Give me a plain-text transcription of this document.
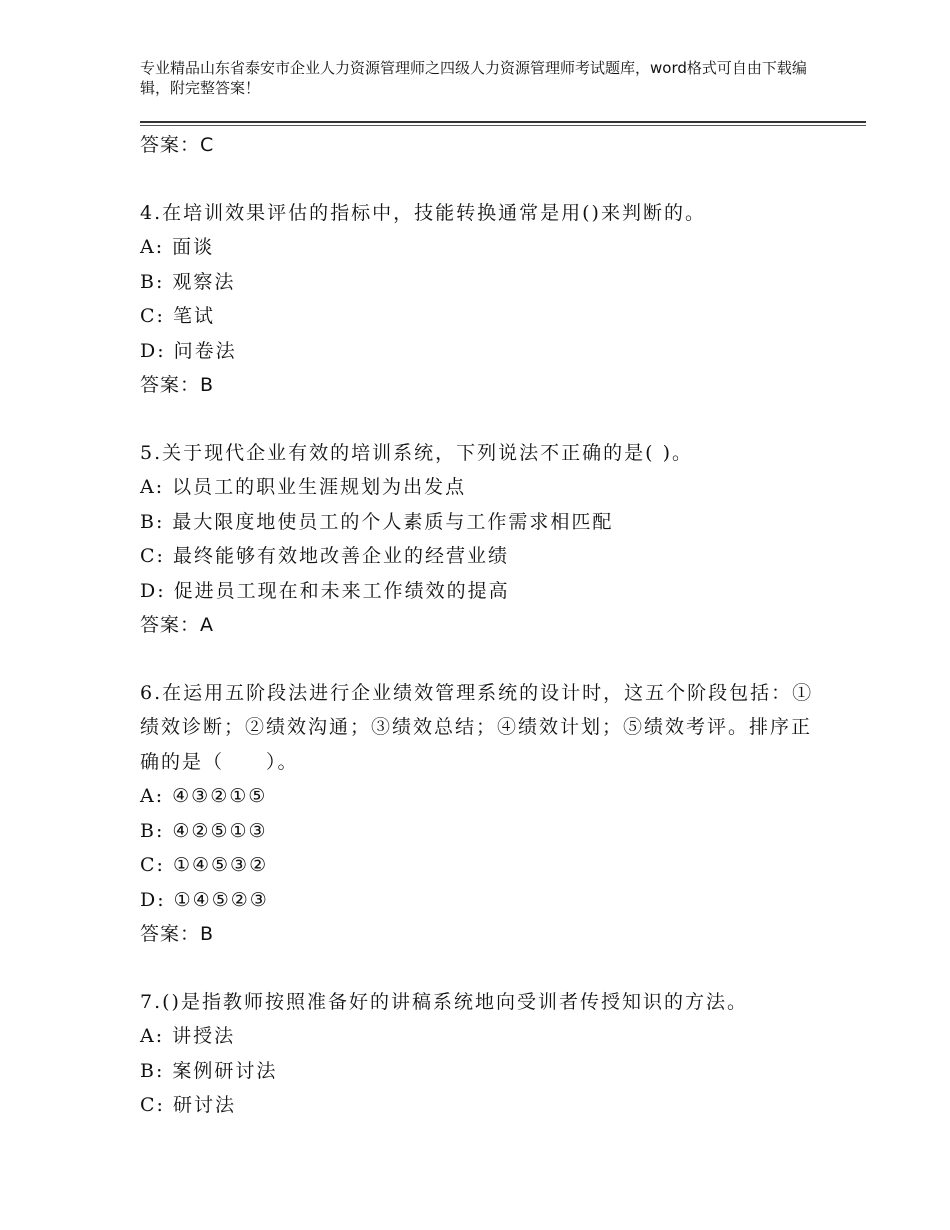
专业精品山东省泰安市企业人力资源管理师之四级人力资源管理师考试题库，word格式可自由下载编辑，附完整答案！
答案：C
4.在培训效果评估的指标中，技能转换通常是用()来判断的。
A: 面谈
B: 观察法
C: 笔试
D: 问卷法
答案：B
5.关于现代企业有效的培训系统，下列说法不正确的是( )。
A: 以员工的职业生涯规划为出发点
B: 最大限度地使员工的个人素质与工作需求相匹配
C: 最终能够有效地改善企业的经营业绩
D: 促进员工现在和未来工作绩效的提高
答案：A
6.在运用五阶段法进行企业绩效管理系统的设计时，这五个阶段包括：①绩效诊断；②绩效沟通；③绩效总结；④绩效计划；⑤绩效考评。排序正确的是（　　）。
A: ④③②①⑤
B: ④②⑤①③
C: ①④⑤③②
D: ①④⑤②③
答案：B
7.()是指教师按照准备好的讲稿系统地向受训者传授知识的方法。
A: 讲授法
B: 案例研讨法
C: 研讨法
